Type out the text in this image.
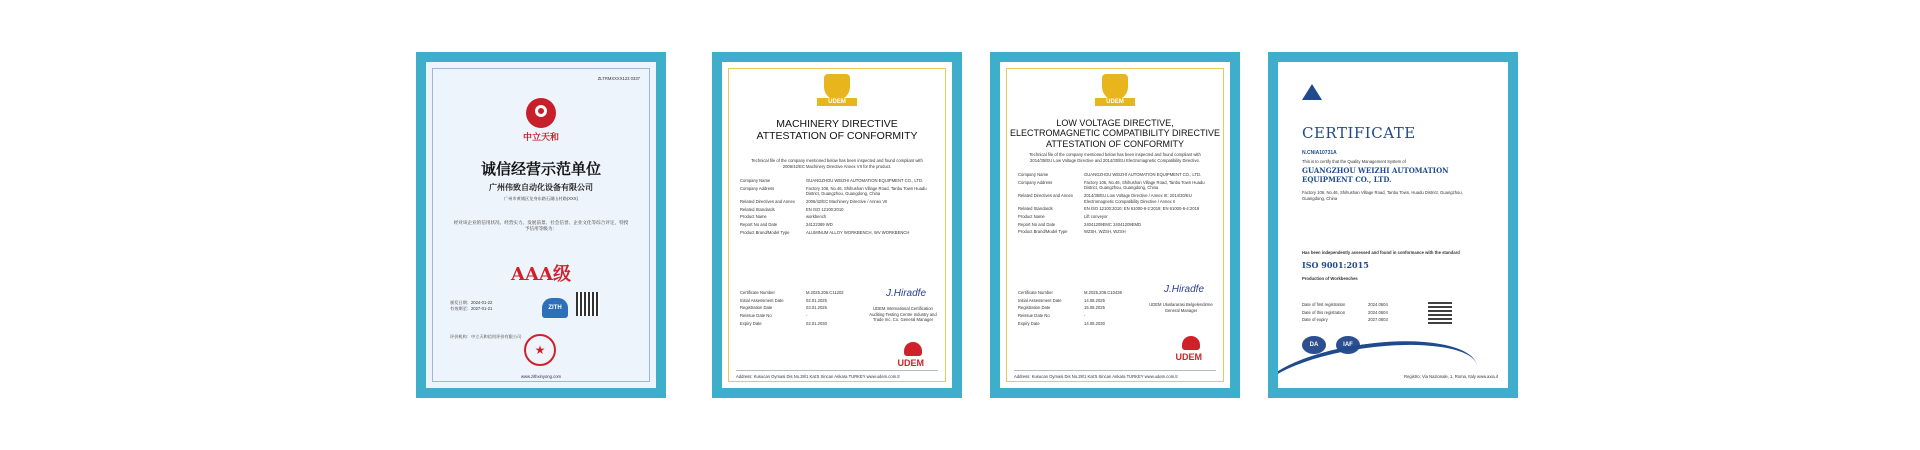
ZLTRMXXXX123 0337
中立天和
诚信经营示范单位
广州伟致自动化设备有限公司
广州市黄埔区龙身东路石湖山村路(XXX)
经对该企业的信用状况、经营实力、发展前景、社会信誉、企业文化等综合评定，特授予信用等级为：
AAA级
颁发日期：2024-01-22
有效期至：2027-01-21	ZITH
评价机构：中立天和信用评价有限公司
★
www.zithxinyong.com
UDEM
MACHINERY DIRECTIVE
ATTESTATION OF CONFORMITY
Technical file of the company mentioned below has been inspected and found compliant with 2006/42/EC Machinery Directive Annex VII for the product.
Company Name	GUANGZHOU WEIZHI AUTOMATION EQUIPMENT CO., LTD.
Company Address	Factory 106, No.46, Shihushan Village Road, Tanbu Town Huadu District, Guangzhou, Guangdong, China
Related Directives and Annex	2006/42/EC Machinery Directive / Annex VII
Related Standards	EN ISO 12100:2010
Product Name	workbench
Report No and Date	24122369 WD
Product Brand/Model Type	ALUMINUM ALLOY WORKBENCH, WV WORKBENCH
Certificate Number	M.2025.206.C11202
Initial Assessment Date	02.01.2025
Registration Date	03.01.2025
Reissue Date No	-
Expiry Date	02.01.2030
J.Hiradfe
UDEM International Certification Auditing Testing Centre Industry and Trade Inc. Co. General Manager
UDEM
Address: Kusucan Oymasi Dis No.28/1 Kat:5 Sincan Ankara TURKEY www.udem.com.tr
UDEM
LOW VOLTAGE DIRECTIVE,
ELECTROMAGNETIC COMPATIBILITY DIRECTIVE
ATTESTATION OF CONFORMITY
Technical file of the company mentioned below has been inspected and found compliant with 2014/35/EU Low Voltage Directive and 2014/30/EU Electromagnetic Compatibility Directive.
Company Name	GUANGZHOU WEIZHI AUTOMATION EQUIPMENT CO., LTD.
Company Address	Factory 106, No.46, Shihushan Village Road, Tanbu Town Huadu District, Guangzhou, Guangdong, China
Related Directives and Annex	2014/35/EU Low Voltage Directive / Annex III; 2014/30/EU Electromagnetic Compatibility Directive / Annex II
Related Standards	EN ISO 12100:2010; EN 61000-6-2:2019; EN 61000-6-4:2019
Product Name	Lift conveyor
Report No and Date	24041209EMC 24041209EMD
Product Brand/Model Type	WZSH, WZSH, WZSH
Certificate Number	M.2025.206.C10436
Initial Assessment Date	14.08.2025
Registration Date	15.08.2025
Reissue Date No	-
Expiry Date	14.08.2030
J.Hiradfe
UDEM Uluslararasi Belgelendirme General Manager
UDEM
Address: Kusucan Oymasi Dis No.28/1 Kat:5 Sincan Ankara TURKEY www.udem.com.tr
CERTIFICATE
N.CNIA10731A
This is to certify that the Quality Management System of
GUANGZHOU WEIZHI AUTOMATION EQUIPMENT CO., LTD.
Factory 106, No.46, Shihushan Village Road, Tanbu Town, Huadu District, Guangzhou, Guangdong, China
Has been independently assessed and found in conformance with the standard
ISO 9001:2015
Production of Workbenches
Date of first registration	2024.0604
Date of this registration	2024.0604
Date of expiry	2027.0603
DA	IAF
Registro: Via Nazionale, 1, Roma, Italy www.axia.it
